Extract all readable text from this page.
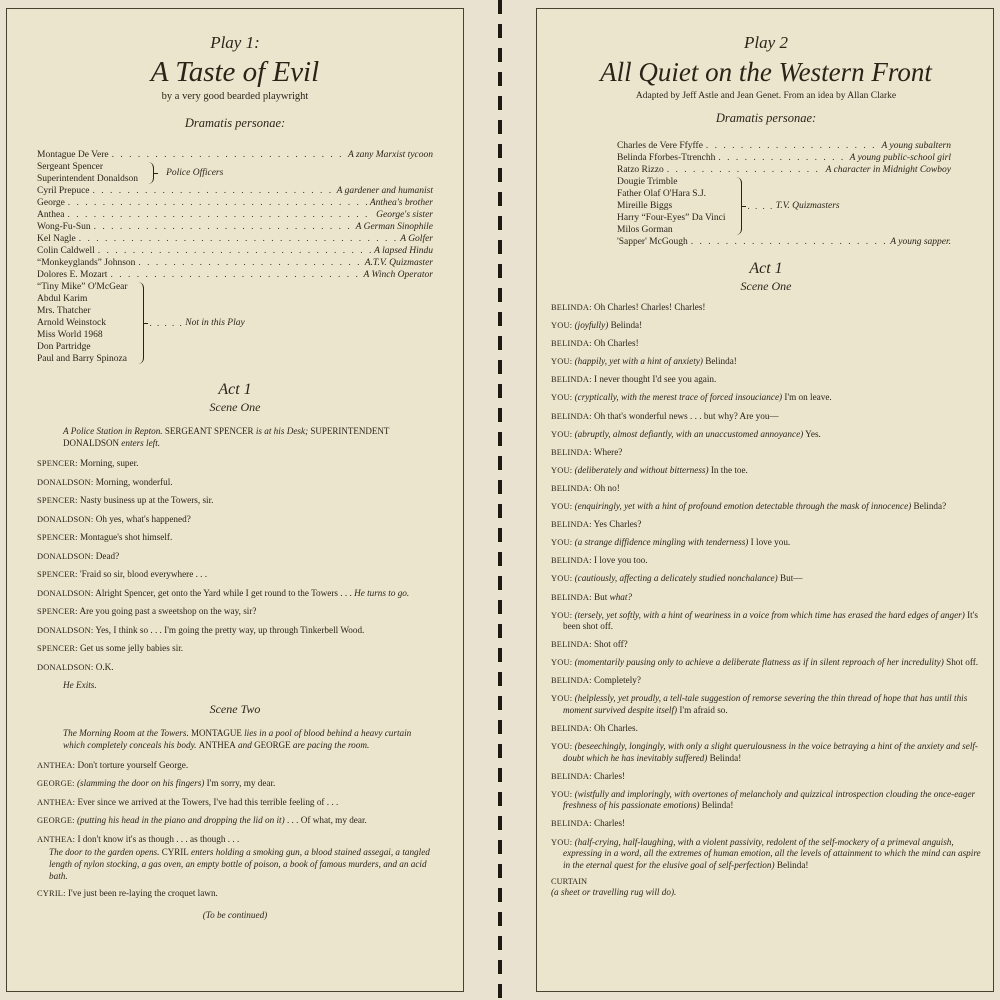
Play 1:
A Taste of Evil
by a very good bearded playwright
Dramatis personae:
Montague De Vere . . .	A zany Marxist tycoon
Sergeant Spencer
Superintendent Donaldson
Police Officers
Cyril Prepuce . . .	A gardener and humanist
George . . .	Anthea's brother
Anthea . . .	George's sister
Wong-Fu-Sun . . .	A German Sinophile
Kel Nagle . . .	A Golfer
Colin Caldwell . . .	A lapsed Hindu
“Monkeyglands” Johnson . . .	A.T.V. Quizmaster
Dolores E. Mozart . . .	A Winch Operator
“Tiny Mike” O'McGear
Abdul Karim
Mrs. Thatcher
Arnold Weinstock
Miss World 1968
Don Partridge
Paul and Barry Spinoza
. . . . . Not in this Play
Act 1
Scene One
A Police Station in Repton. SERGEANT SPENCER is at his Desk; SUPERINTENDENT DONALDSON enters left.
SPENCER: Morning, super.
DONALDSON: Morning, wonderful.
SPENCER: Nasty business up at the Towers, sir.
DONALDSON: Oh yes, what's happened?
SPENCER: Montague's shot himself.
DONALDSON: Dead?
SPENCER: 'Fraid so sir, blood everywhere . . .
DONALDSON: Alright Spencer, get onto the Yard while I get round to the Towers . . . He turns to go.
SPENCER: Are you going past a sweetshop on the way, sir?
DONALDSON: Yes, I think so . . . I'm going the pretty way, up through Tinkerbell Wood.
SPENCER: Get us some jelly babies sir.
DONALDSON: O.K.
He Exits.
Scene Two
The Morning Room at the Towers. MONTAGUE lies in a pool of blood behind a heavy curtain which completely conceals his body. ANTHEA and GEORGE are pacing the room.
ANTHEA: Don't torture yourself George.
GEORGE: (slamming the door on his fingers) I'm sorry, my dear.
ANTHEA: Ever since we arrived at the Towers, I've had this terrible feeling of . . .
GEORGE: (putting his head in the piano and dropping the lid on it) . . . Of what, my dear.
ANTHEA: I don't know it's as though . . . as though . . .
The door to the garden opens. CYRIL enters holding a smoking gun, a blood stained assegai, a tangled length of nylon stocking, a gas oven, an empty bottle of poison, a book of famous murders, and an acid bath.
CYRIL: I've just been re-laying the croquet lawn.
(To be continued)
Play 2
All Quiet on the Western Front
Adapted by Jeff Astle and Jean Genet. From an idea by Allan Clarke
Dramatis personae:
Charles de Vere Ffyffe . . .	A young subaltern
Belinda Fforbes-Ttrenchh . . .	A young public-school girl
Ratzo Rizzo . . .	A character in Midnight Cowboy
Dougie Trimble
Father Olaf O'Hara S.J.
Mireille Biggs
Harry “Four-Eyes” Da Vinci
Milos Gorman
. . . . T.V. Quizmasters
'Sapper' McGough . . .	A young sapper.
Act 1
Scene One
BELINDA: Oh Charles! Charles! Charles!
YOU: (joyfully) Belinda!
BELINDA: Oh Charles!
YOU: (happily, yet with a hint of anxiety) Belinda!
BELINDA: I never thought I'd see you again.
YOU: (cryptically, with the merest trace of forced insouciance) I'm on leave.
BELINDA: Oh that's wonderful news . . . but why? Are you—
YOU: (abruptly, almost defiantly, with an unaccustomed annoyance) Yes.
BELINDA: Where?
YOU: (deliberately and without bitterness) In the toe.
BELINDA: Oh no!
YOU: (enquiringly, yet with a hint of profound emotion detectable through the mask of innocence) Belinda?
BELINDA: Yes Charles?
YOU: (a strange diffidence mingling with tenderness) I love you.
BELINDA: I love you too.
YOU: (cautiously, affecting a delicately studied nonchalance) But—
BELINDA: But what?
YOU: (tersely, yet softly, with a hint of weariness in a voice from which time has erased the hard edges of anger) It's been shot off.
BELINDA: Shot off?
YOU: (momentarily pausing only to achieve a deliberate flatness as if in silent reproach of her incredulity) Shot off.
BELINDA: Completely?
YOU: (helplessly, yet proudly, a tell-tale suggestion of remorse severing the thin thread of hope that has until this moment survived despite itself) I'm afraid so.
BELINDA: Oh Charles.
YOU: (beseechingly, longingly, with only a slight querulousness in the voice betraying a hint of the anxiety and self-doubt which he has inevitably suffered) Belinda!
BELINDA: Charles!
YOU: (wistfully and imploringly, with overtones of melancholy and quizzical introspection clouding the once-eager freshness of his passionate emotions) Belinda!
BELINDA: Charles!
YOU: (half-crying, half-laughing, with a violent passivity, redolent of the self-mockery of a primeval anguish, expressing in a word, all the extremes of human emotion, all the levels of attainment to which the mind can aspire in the eternal quest for the elusive goal of self-perfection) Belinda!
CURTAIN
(a sheet or travelling rug will do).
